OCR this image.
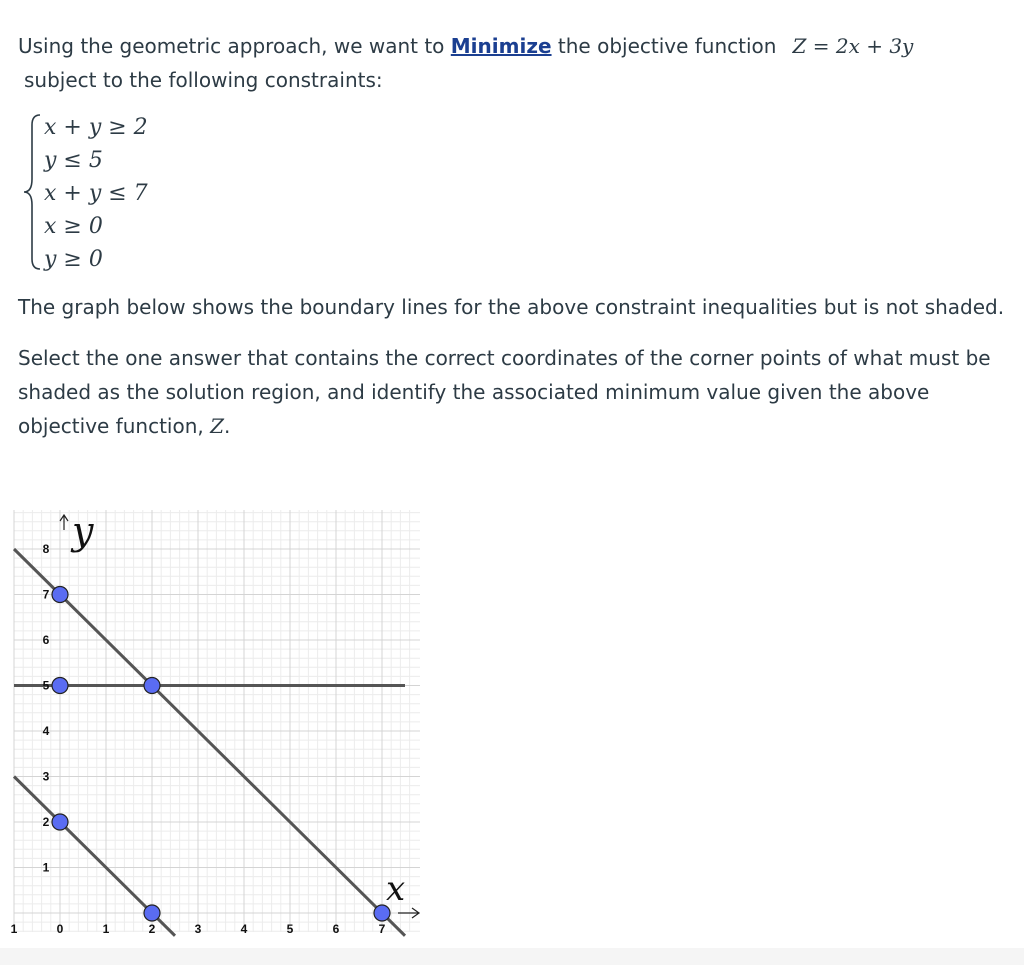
Using the geometric approach, we want to Minimize the objective function Z = 2x + 3y
subject to the following constraints:

x + y ≥ 2
y ≤ 5
x + y ≤ 7
x ≥ 0
y ≥ 0

The graph below shows the boundary lines for the above constraint inequalities but is not shaded.

Select the one answer that contains the correct coordinates of the corner points of what must be shaded as the solution region, and identify the associated minimum value given the above objective function, Z.

1
2
3
4
5
6
7
8
1	0	1	2	3	4	5	6	7
y
x
